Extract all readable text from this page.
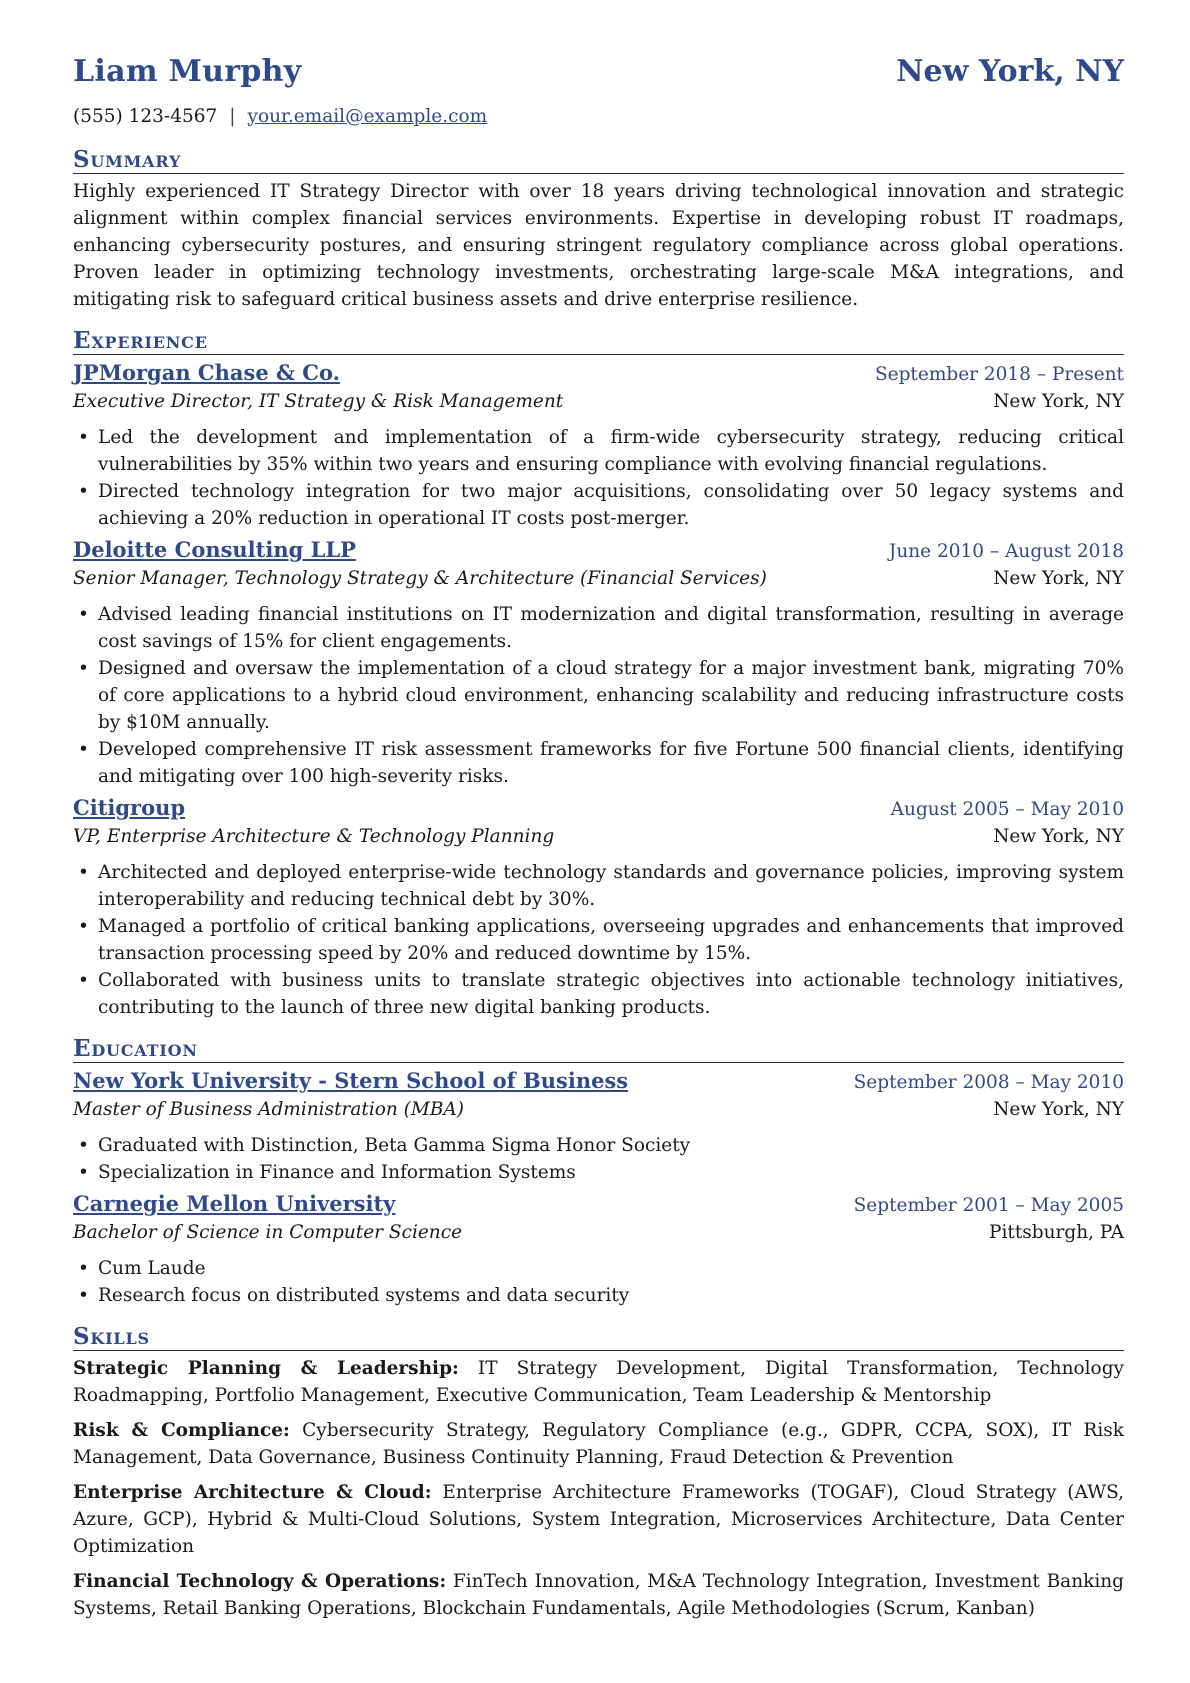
Liam Murphy	New York, NY
(555) 123-4567 | your.email@example.com
Summary
Highly experienced IT Strategy Director with over 18 years driving technological innovation and strategic alignment within complex financial services environments. Expertise in developing robust IT roadmaps, enhancing cybersecurity postures, and ensuring stringent regulatory compliance across global operations. Proven leader in optimizing technology investments, orchestrating large-scale M&A integrations, and mitigating risk to safeguard critical business assets and drive enterprise resilience.
Experience
JPMorgan Chase & Co.	September 2018 – Present
Executive Director, IT Strategy & Risk Management	New York, NY
• Led the development and implementation of a firm-wide cybersecurity strategy, reducing critical vulnerabilities by 35% within two years and ensuring compliance with evolving financial regulations.
• Directed technology integration for two major acquisitions, consolidating over 50 legacy systems and achieving a 20% reduction in operational IT costs post-merger.
Deloitte Consulting LLP	June 2010 – August 2018
Senior Manager, Technology Strategy & Architecture (Financial Services)	New York, NY
• Advised leading financial institutions on IT modernization and digital transformation, resulting in average cost savings of 15% for client engagements.
• Designed and oversaw the implementation of a cloud strategy for a major investment bank, migrating 70% of core applications to a hybrid cloud environment, enhancing scalability and reducing infrastructure costs by $10M annually.
• Developed comprehensive IT risk assessment frameworks for five Fortune 500 financial clients, identifying and mitigating over 100 high-severity risks.
Citigroup	August 2005 – May 2010
VP, Enterprise Architecture & Technology Planning	New York, NY
• Architected and deployed enterprise-wide technology standards and governance policies, improving system interoperability and reducing technical debt by 30%.
• Managed a portfolio of critical banking applications, overseeing upgrades and enhancements that improved transaction processing speed by 20% and reduced downtime by 15%.
• Collaborated with business units to translate strategic objectives into actionable technology initiatives, contributing to the launch of three new digital banking products.
Education
New York University - Stern School of Business	September 2008 – May 2010
Master of Business Administration (MBA)	New York, NY
• Graduated with Distinction, Beta Gamma Sigma Honor Society
• Specialization in Finance and Information Systems
Carnegie Mellon University	September 2001 – May 2005
Bachelor of Science in Computer Science	Pittsburgh, PA
• Cum Laude
• Research focus on distributed systems and data security
Skills
Strategic Planning & Leadership: IT Strategy Development, Digital Transformation, Technology Roadmapping, Portfolio Management, Executive Communication, Team Leadership & Mentorship
Risk & Compliance: Cybersecurity Strategy, Regulatory Compliance (e.g., GDPR, CCPA, SOX), IT Risk Management, Data Governance, Business Continuity Planning, Fraud Detection & Prevention
Enterprise Architecture & Cloud: Enterprise Architecture Frameworks (TOGAF), Cloud Strategy (AWS, Azure, GCP), Hybrid & Multi-Cloud Solutions, System Integration, Microservices Architecture, Data Center Optimization
Financial Technology & Operations: FinTech Innovation, M&A Technology Integration, Investment Banking Systems, Retail Banking Operations, Blockchain Fundamentals, Agile Methodologies (Scrum, Kanban)
